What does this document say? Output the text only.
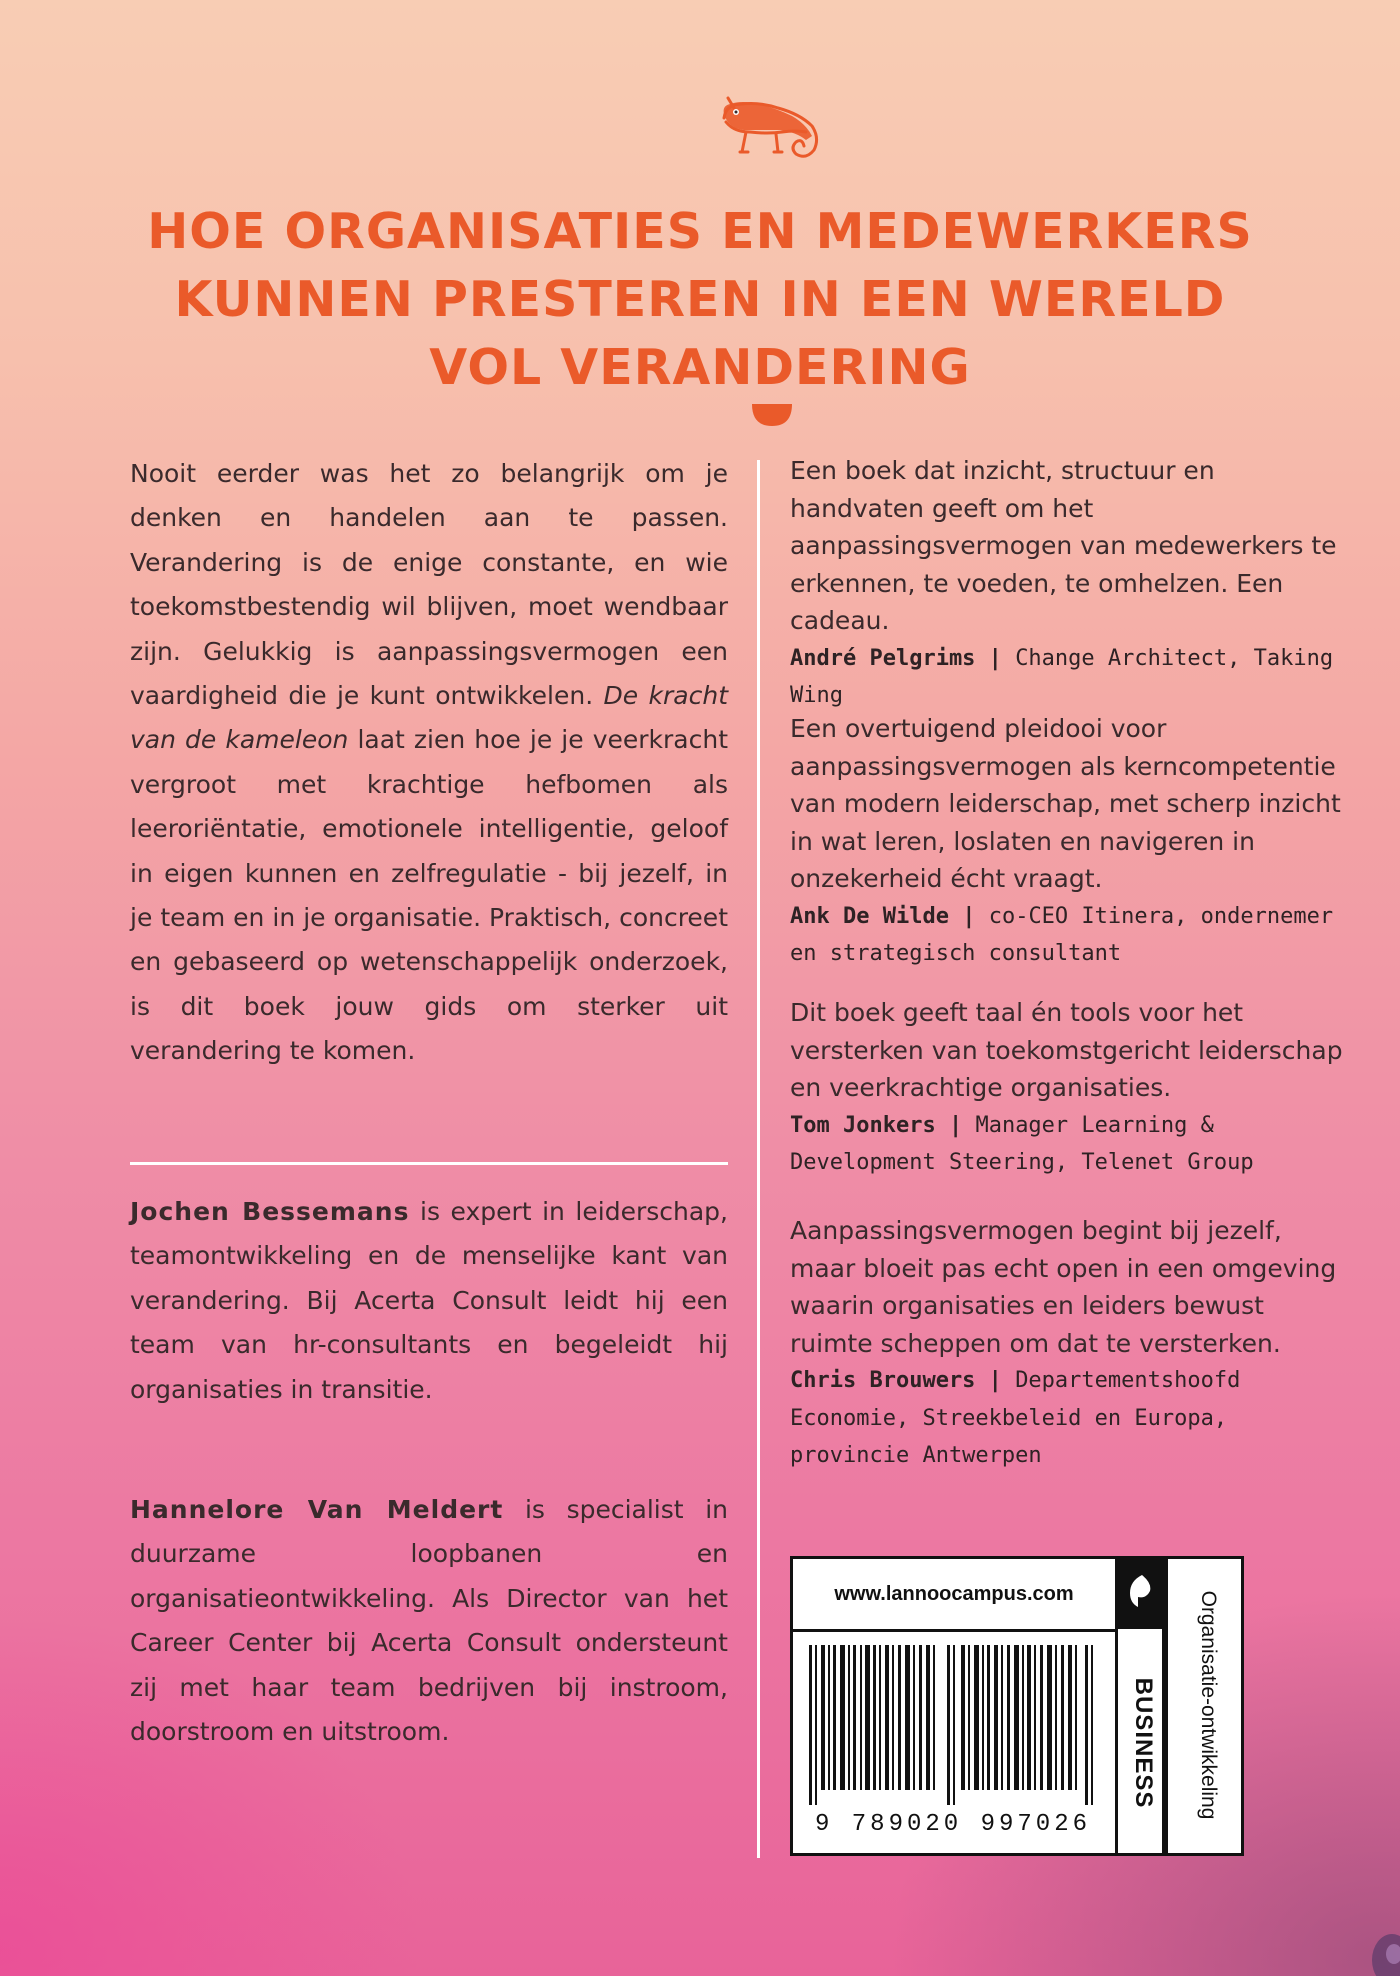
HOE ORGANISATIES EN MEDEWERKERS
KUNNEN PRESTEREN IN EEN WERELD
VOL VERANDERING

Nooit eerder was het zo belangrijk om je denken en handelen aan te passen. Verandering is de enige constante, en wie toekomstbestendig wil blijven, moet wendbaar zijn. Gelukkig is aanpassingsvermogen een vaardigheid die je kunt ontwikkelen. De kracht van de kameleon laat zien hoe je je veerkracht vergroot met krachtige hefbomen als leeroriëntatie, emotionele intelligentie, geloof in eigen kunnen en zelfregulatie - bij jezelf, in je team en in je organisatie. Praktisch, concreet en gebaseerd op wetenschappelijk onderzoek, is dit boek jouw gids om sterker uit verandering te komen.

Jochen Bessemans is expert in leiderschap, teamontwikkeling en de menselijke kant van verandering. Bij Acerta Consult leidt hij een team van hr-consultants en begeleidt hij organisaties in transitie.

Hannelore Van Meldert is specialist in duurzame loopbanen en organisatieontwikkeling. Als Director van het Career Center bij Acerta Consult ondersteunt zij met haar team bedrijven bij instroom, doorstroom en uitstroom.

Een boek dat inzicht, structuur en handvaten geeft om het aanpassingsvermogen van medewerkers te erkennen, te voeden, te omhelzen. Een cadeau.

André Pelgrims | Change Architect, Taking Wing

Een overtuigend pleidooi voor aanpassingsvermogen als kerncompetentie van modern leiderschap, met scherp inzicht in wat leren, loslaten en navigeren in onzekerheid écht vraagt.

Ank De Wilde | co-CEO Itinera, ondernemer en strategisch consultant

Dit boek geeft taal én tools voor het versterken van toekomstgericht leiderschap en veerkrachtige organisaties.

Tom Jonkers | Manager Learning & Development Steering, Telenet Group

Aanpassingsvermogen begint bij jezelf, maar bloeit pas echt open in een omgeving waarin organisaties en leiders bewust ruimte scheppen om dat te versterken.

Chris Brouwers | Departementshoofd Economie, Streekbeleid en Europa, provincie Antwerpen

www.lannoocampus.com
9 789020 997026
BUSINESS Organisatie-ontwikkeling
